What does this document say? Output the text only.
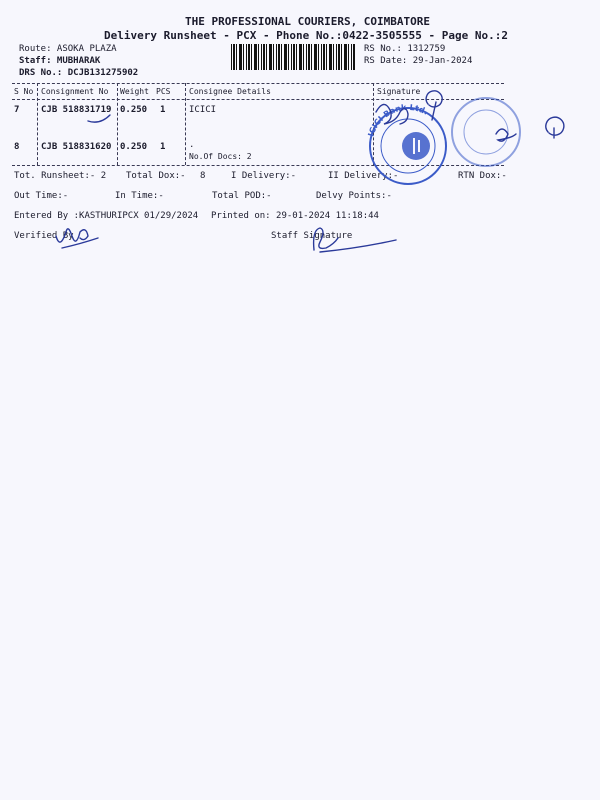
THE PROFESSIONAL COURIERS, COIMBATORE
Delivery Runsheet - PCX - Phone No.:0422-3505555 - Page No.:2
Route: ASOKA PLAZA
Staff: MUBHARAK
DRS No.: DCJB131275902
RS No.: 1312759
RS Date: 29-Jan-2024
S No Consignment No Weight PCS Consignee Details	Signature
7 CJB 518831719 0.250 1	ICICI
8 CJB 518831620 0.250 1	.
No.Of Docs: 2
Tot. Runsheet:- 2 Total Dox:- 8	I Delivery:-	II Delivery:-	RTN Dox:-
Out Time:-	In Time:-	Total POD:-	Delvy Points:-
Entered By :KASTHURIPCX 01/29/2024 Printed on: 29-01-2024 11:18:44
Verified By	Staff Signature
ICICI Bank Ltd.
